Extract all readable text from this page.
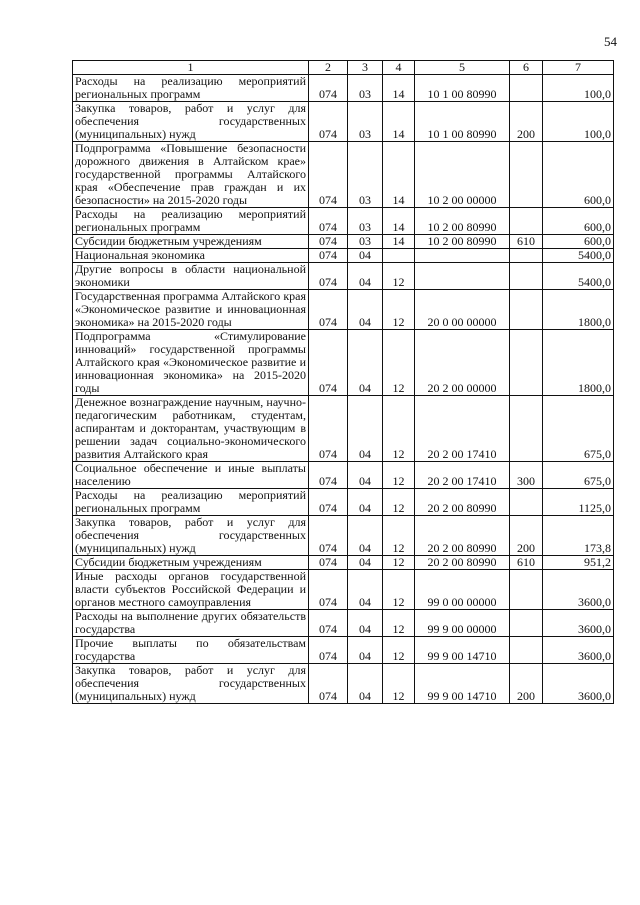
54
1	2	3	4	5	6	7
Расходы на реализацию мероприятий региональных программ	074	03	14	10 1 00 80990		100,0
Закупка товаров, работ и услуг для обеспечения государственных (муниципальных) нужд	074	03	14	10 1 00 80990	200	100,0
Подпрограмма «Повышение безопасности дорожного движения в Алтайском крае» государственной программы Алтайского края «Обеспечение прав граждан и их безопасности» на 2015-2020 годы	074	03	14	10 2 00 00000		600,0
Расходы на реализацию мероприятий региональных программ	074	03	14	10 2 00 80990		600,0
Субсидии бюджетным учреждениям	074	03	14	10 2 00 80990	610	600,0
Национальная экономика	074	04				5400,0
Другие вопросы в области национальной экономики	074	04	12			5400,0
Государственная программа Алтайского края «Экономическое развитие и инновационная экономика» на 2015-2020 годы	074	04	12	20 0 00 00000		1800,0
Подпрограмма «Стимулирование инноваций» государственной программы Алтайского края «Экономическое развитие и инновационная экономика» на 2015-2020 годы	074	04	12	20 2 00 00000		1800,0
Денежное вознаграждение научным, научно-педагогическим работникам, студентам, аспирантам и докторантам, участвующим в решении задач социально-экономического развития Алтайского края	074	04	12	20 2 00 17410		675,0
Социальное обеспечение и иные выплаты населению	074	04	12	20 2 00 17410	300	675,0
Расходы на реализацию мероприятий региональных программ	074	04	12	20 2 00 80990		1125,0
Закупка товаров, работ и услуг для обеспечения государственных (муниципальных) нужд	074	04	12	20 2 00 80990	200	173,8
Субсидии бюджетным учреждениям	074	04	12	20 2 00 80990	610	951,2
Иные расходы органов государственной власти субъектов Российской Федерации и органов местного самоуправления	074	04	12	99 0 00 00000		3600,0
Расходы на выполнение других обязательств государства	074	04	12	99 9 00 00000		3600,0
Прочие выплаты по обязательствам государства	074	04	12	99 9 00 14710		3600,0
Закупка товаров, работ и услуг для обеспечения государственных (муниципальных) нужд	074	04	12	99 9 00 14710	200	3600,0
